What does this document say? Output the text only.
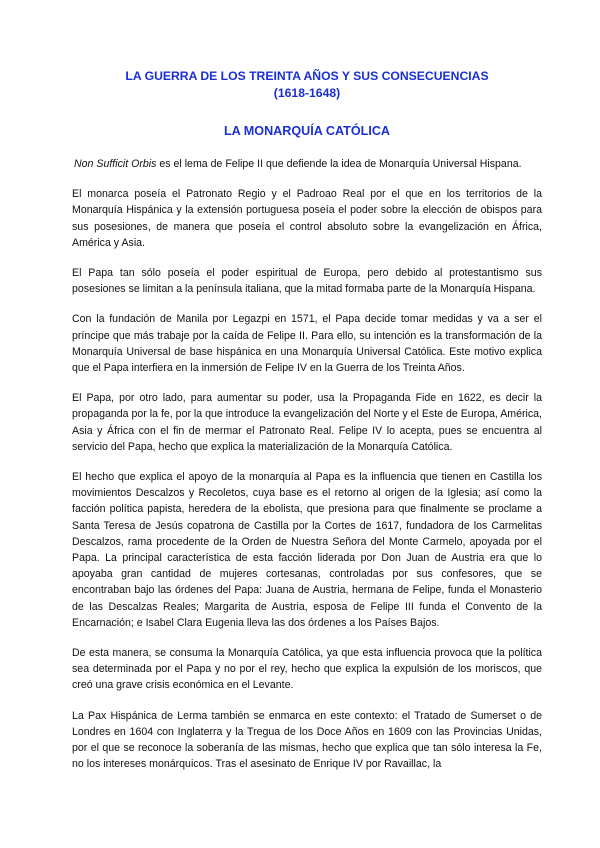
LA GUERRA DE LOS TREINTA AÑOS Y SUS CONSECUENCIAS
(1618-1648)

LA MONARQUÍA CATÓLICA

Non Sufficit Orbis es el lema de Felipe II que defiende la idea de Monarquía Universal Hispana.

El monarca poseía el Patronato Regio y el Padroao Real por el que en los territorios de la Monarquía Hispánica y la extensión portuguesa poseía el poder sobre la elección de obispos para sus posesiones, de manera que poseía el control absoluto sobre la evangelización en África, América y Asia.

El Papa tan sólo poseía el poder espiritual de Europa, pero debido al protestantismo sus posesiones se limitan a la península italiana, que la mitad formaba parte de la Monarquía Hispana.

Con la fundación de Manila por Legazpi en 1571, el Papa decide tomar medidas y va a ser el príncipe que más trabaje por la caída de Felipe II. Para ello, su intención es la transformación de la Monarquía Universal de base hispánica en una Monarquía Universal Católica. Este motivo explica que el Papa interfiera en la inmersión de Felipe IV en la Guerra de los Treinta Años.

El Papa, por otro lado, para aumentar su poder, usa la Propaganda Fide en 1622, es decir la propaganda por la fe, por la que introduce la evangelización del Norte y el Este de Europa, América, Asia y África con el fin de mermar el Patronato Real. Felipe IV lo acepta, pues se encuentra al servicio del Papa, hecho que explica la materialización de la Monarquía Católica.

El hecho que explica el apoyo de la monarquía al Papa es la influencia que tienen en Castilla los movimientos Descalzos y Recoletos, cuya base es el retorno al origen de la Iglesia; así como la facción política papista, heredera de la ebolista, que presiona para que finalmente se proclame a Santa Teresa de Jesús copatrona de Castilla por la Cortes de 1617, fundadora de los Carmelitas Descalzos, rama procedente de la Orden de Nuestra Señora del Monte Carmelo, apoyada por el Papa. La principal característica de esta facción liderada por Don Juan de Austria era que lo apoyaba gran cantidad de mujeres cortesanas, controladas por sus confesores, que se encontraban bajo las órdenes del Papa: Juana de Austria, hermana de Felipe, funda el Monasterio de las Descalzas Reales; Margarita de Austria, esposa de Felipe III funda el Convento de la Encarnación; e Isabel Clara Eugenia lleva las dos órdenes a los Países Bajos.

De esta manera, se consuma la Monarquía Católica, ya que esta influencia provoca que la política sea determinada por el Papa y no por el rey, hecho que explica la expulsión de los moriscos, que creó una grave crisis económica en el Levante.

La Pax Hispánica de Lerma también se enmarca en este contexto: el Tratado de Sumerset o de Londres en 1604 con Inglaterra y la Tregua de los Doce Años en 1609 con las Provincias Unidas, por el que se reconoce la soberanía de las mismas, hecho que explica que tan sólo interesa la Fe, no los intereses monárquicos. Tras el asesinato de Enrique IV por Ravaillac, la
